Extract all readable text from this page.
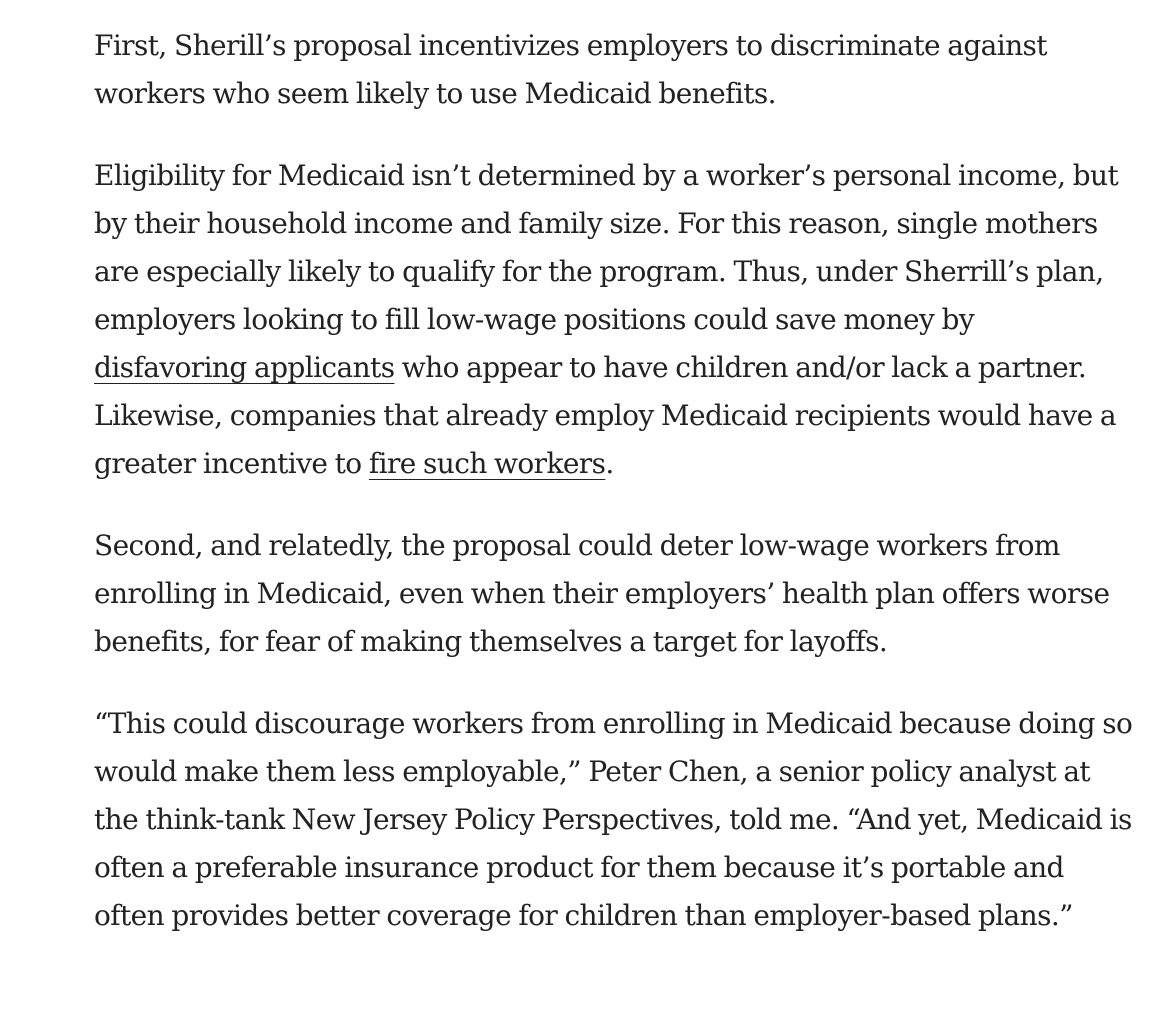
First, Sherill’s proposal incentivizes employers to discriminate against workers who seem likely to use Medicaid benefits.

Eligibility for Medicaid isn’t determined by a worker’s personal income, but by their household income and family size. For this reason, single mothers are especially likely to qualify for the program. Thus, under Sherrill’s plan, employers looking to fill low-wage positions could save money by disfavoring applicants who appear to have children and/or lack a partner. Likewise, companies that already employ Medicaid recipients would have a greater incentive to fire such workers.

Second, and relatedly, the proposal could deter low-wage workers from enrolling in Medicaid, even when their employers’ health plan offers worse benefits, for fear of making themselves a target for layoffs.

“This could discourage workers from enrolling in Medicaid because doing so would make them less employable,” Peter Chen, a senior policy analyst at the think-tank New Jersey Policy Perspectives, told me. “And yet, Medicaid is often a preferable insurance product for them because it’s portable and often provides better coverage for children than employer-based plans.”
